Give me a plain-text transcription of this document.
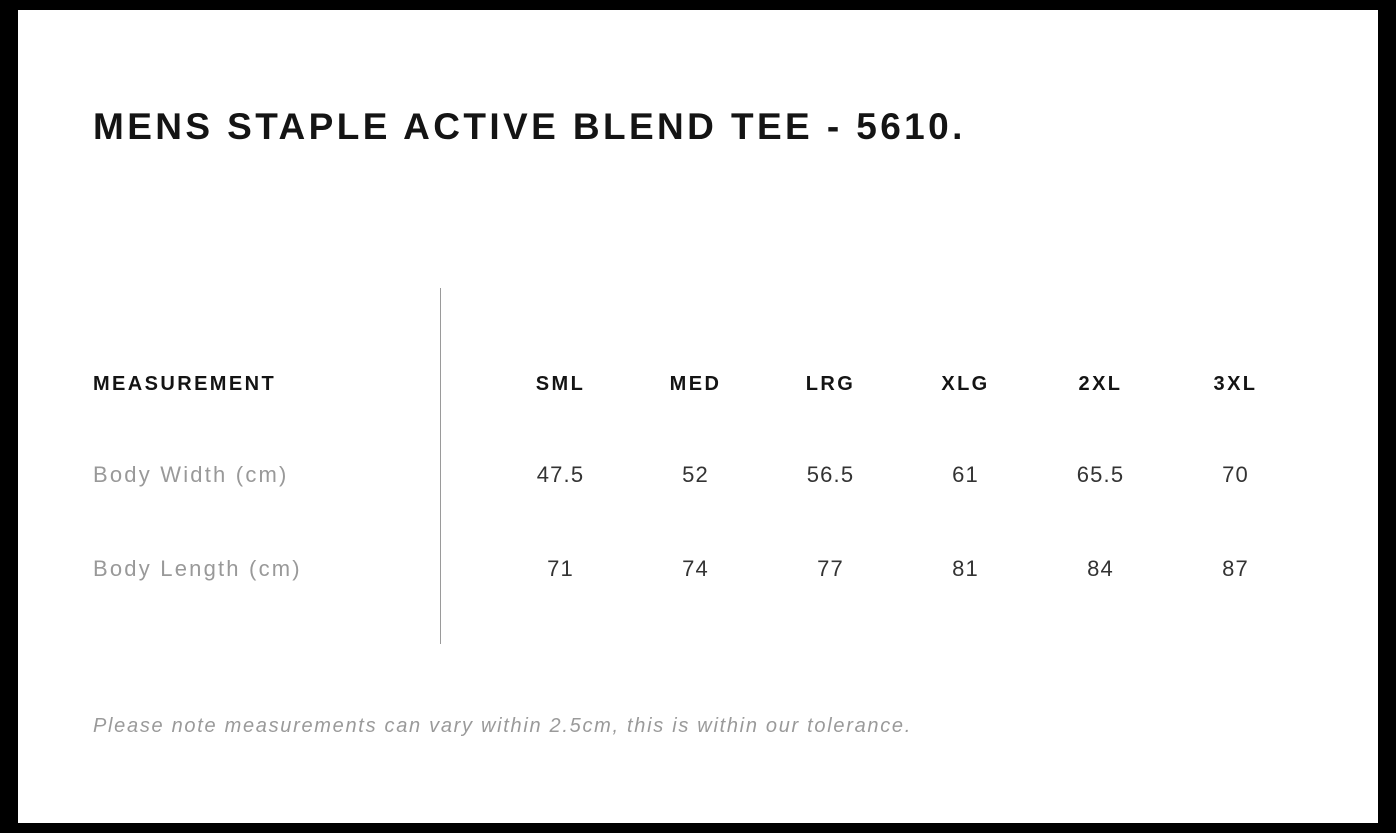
MENS STAPLE ACTIVE BLEND TEE - 5610.
MEASUREMENT	SML	MED	LRG	XLG	2XL	3XL
Body Width (cm)	47.5	52	56.5	61	65.5	70
Body Length (cm)	71	74	77	81	84	87
Please note measurements can vary within 2.5cm, this is within our tolerance.
